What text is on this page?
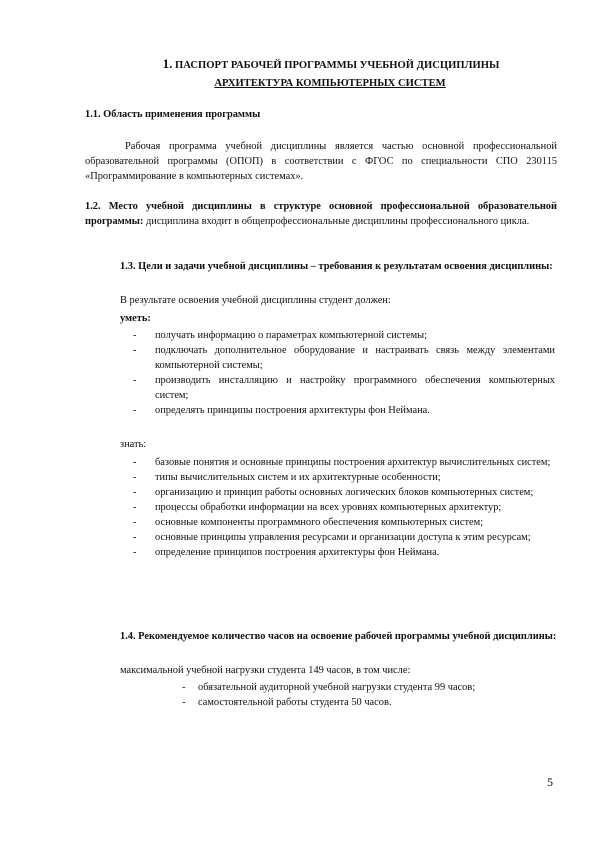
1. ПАСПОРТ РАБОЧЕЙ ПРОГРАММЫ УЧЕБНОЙ ДИСЦИПЛИНЫ
АРХИТЕКТУРА КОМПЬЮТЕРНЫХ СИСТЕМ
1.1. Область применения программы
Рабочая программа учебной дисциплины является частью основной профессиональной образовательной программы (ОПОП) в соответствии с ФГОС по специальности СПО 230115 «Программирование в компьютерных системах».
1.2. Место учебной дисциплины в структуре основной профессиональной образовательной программы: дисциплина входит в общепрофессиональные дисциплины профессионального цикла.
1.3. Цели и задачи учебной дисциплины – требования к результатам освоения дисциплины:
В результате освоения учебной дисциплины студент должен:
уметь:
- получать информацию о параметрах компьютерной системы;
- подключать дополнительное оборудование и настраивать связь между элементами компьютерной системы;
- производить инсталляцию и настройку программного обеспечения компьютерных систем;
- определять принципы построения архитектуры фон Неймана.
знать:
- базовые понятия и основные принципы построения архитектур вычислительных систем;
- типы вычислительных систем и их архитектурные особенности;
- организацию и принцип работы основных логических блоков компьютерных систем;
- процессы обработки информации на всех уровнях компьютерных архитектур;
- основные компоненты программного обеспечения компьютерных систем;
- основные принципы управления ресурсами и организации доступа к этим ресурсам;
- определение принципов построения архитектуры фон Неймана.
1.4. Рекомендуемое количество часов на освоение рабочей программы учебной дисциплины:
максимальной учебной нагрузки студента 149 часов, в том числе:
- обязательной аудиторной учебной нагрузки студента 99 часов;
- самостоятельной работы студента 50 часов.
5
